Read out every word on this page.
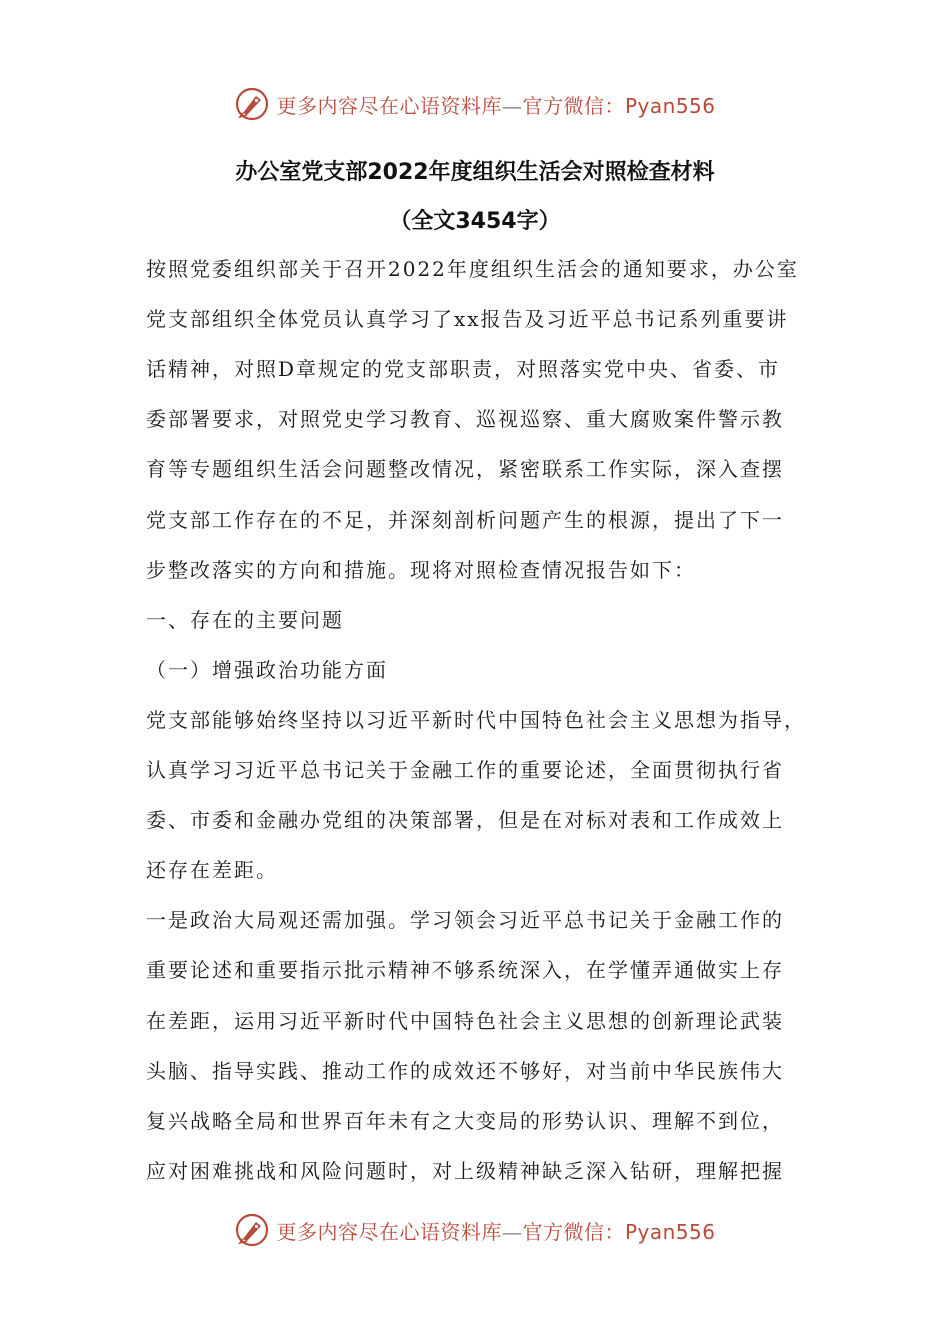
更多内容尽在心语资料库—官方微信：Pyan556
办公室党支部2022年度组织生活会对照检查材料
（全文3454字）
按照党委组织部关于召开2022年度组织生活会的通知要求，办公室
党支部组织全体党员认真学习了xx报告及习近平总书记系列重要讲
话精神，对照D章规定的党支部职责，对照落实党中央、省委、市
委部署要求，对照党史学习教育、巡视巡察、重大腐败案件警示教
育等专题组织生活会问题整改情况，紧密联系工作实际，深入查摆
党支部工作存在的不足，并深刻剖析问题产生的根源，提出了下一
步整改落实的方向和措施。现将对照检查情况报告如下：
一、存在的主要问题
（一）增强政治功能方面
党支部能够始终坚持以习近平新时代中国特色社会主义思想为指导，
认真学习习近平总书记关于金融工作的重要论述，全面贯彻执行省
委、市委和金融办党组的决策部署，但是在对标对表和工作成效上
还存在差距。
一是政治大局观还需加强。学习领会习近平总书记关于金融工作的
重要论述和重要指示批示精神不够系统深入，在学懂弄通做实上存
在差距，运用习近平新时代中国特色社会主义思想的创新理论武装
头脑、指导实践、推动工作的成效还不够好，对当前中华民族伟大
复兴战略全局和世界百年未有之大变局的形势认识、理解不到位，
应对困难挑战和风险问题时，对上级精神缺乏深入钻研，理解把握
更多内容尽在心语资料库—官方微信：Pyan556
